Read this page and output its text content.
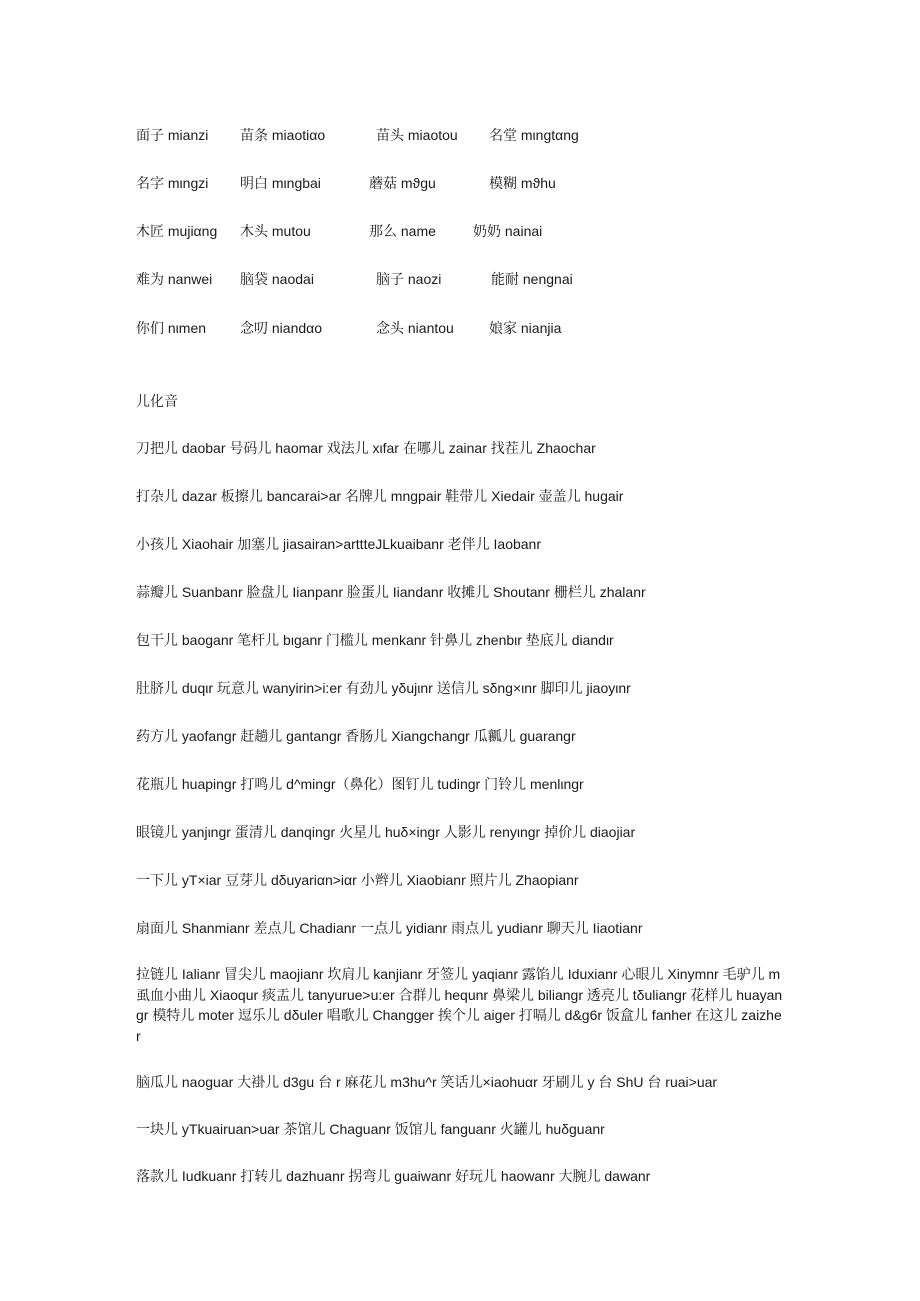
面子 mianzi 苗条 miaotiαo	苗头 miaotou 名堂 mιngtαng
名字 mιngzi 明白 mιngbai	蘑菇 mϑgu	模糊 mϑhu
木匠 mujiαng 木头 mutou	那么 name	奶奶 nainai
难为 nanwei 脑袋 naodai	脑子 naozi	能耐 nengnai
你们 nιmen 念叨 niandαo	念头 niantou	娘家 nianjia
儿化音
刀把儿 daobar 号码儿 haomar 戏法儿 xιfar 在哪儿 zainar 找茬儿 Zhaochar
打杂儿 dazar 板擦儿 bancarai>ar 名牌儿 mngpair 鞋带儿 Xiedair 壶盖儿 hugair
小孩儿 Xiaohair 加塞儿 jiasairan>artttеJLkuaibanr 老伴儿 Iaobanr
蒜瓣儿 Suanbanr 脸盘儿 Iianpanr 脸蛋儿 Iiandanr 收摊儿 Shoutanr 栅栏儿 zhalanr
包干儿 baoganr 笔杆儿 bιganr 门槛儿 menkanr 针鼻儿 zhenbιr 垫底儿 diandιr
肚脐儿 duqιr 玩意儿 wanyirin>i:er 有劲儿 yδujιnr 送信儿 sδng×ιnr 脚印儿 jiaoyιnr
药方儿 yaofangr 赶趟儿 gantangr 香肠儿 Xiangchangr 瓜瓤儿 guarangr
花瓶儿 huapingr 打鸣儿 d^mingr（鼻化）图钉儿 tudingr 门铃儿 menlιngr
眼镜儿 yanjιngr 蛋清儿 danqingr 火星儿 huδ×ingr 人影儿 renyιngr 掉价儿 diaojiar
一下儿 yT×iar 豆芽儿 dδuyariαn>iαr 小辫儿 Xiaobianr 照片儿 Zhaopianr
扇面儿 Shanmianr 差点儿 Chadianr 一点儿 yidianr 雨点儿 yudianr 聊天儿 Iiaotianr
拉链儿 Ialianr 冒尖儿 maojianr 坎肩儿 kanjianr 牙签儿 yaqianr 露馅儿 Iduxianr 心眼儿 Xinymnr 毛驴儿 m 虱血小曲儿 Xiaoqur 痰盂儿 tanyurue>u:er 合群儿 hequnr 鼻梁儿 biliangr 透亮儿 tδuliangr 花样儿 huayangr 模特儿 moter 逗乐儿 dδuler 唱歌儿 Changger 挨个儿 aiger 打嗝儿 d&g6r 饭盒儿 fanher 在这儿 zaizher
脑瓜儿 naoguar 大褂儿 d3gu 台 r 麻花儿 m3hu^r 笑话儿×iaohuαr 牙刷儿 y 台 ShU 台 ruai>uar
一块儿 yTkuairuan>uar 茶馆儿 Chaguanr 饭馆儿 fanguanr 火罐儿 huδguanr
落款儿 Iudkuanr 打转儿 dazhuanr 拐弯儿 guaiwanr 好玩儿 haowanr 大腕儿 dawanr
